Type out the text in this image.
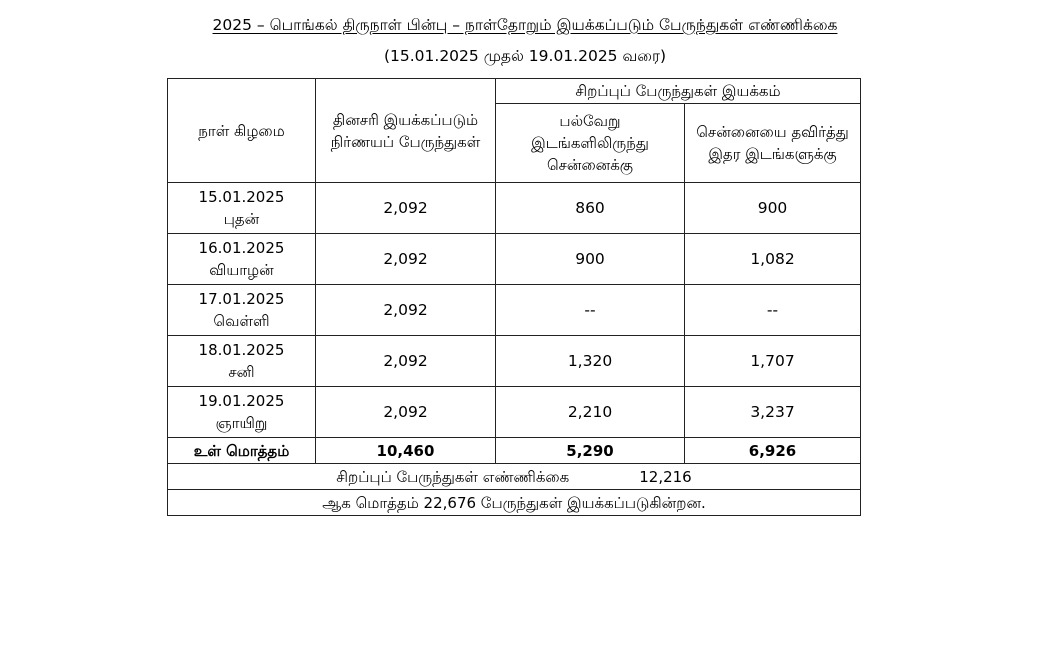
2025 – பொங்கல் திருநாள் பின்பு – நாள்தோறும் இயக்கப்படும் பேருந்துகள் எண்ணிக்கை
(15.01.2025 முதல் 19.01.2025 வரை)
நாள் கிழமை	தினசரி இயக்கப்படும் நிர்ணயப் பேருந்துகள்	சிறப்புப் பேருந்துகள் இயக்கம்	
		பல்வேறு இடங்களிலிருந்து சென்னைக்கு	சென்னையை தவிர்த்து இதர இடங்களுக்கு

15.01.2025
புதன்	2,092	860	900

16.01.2025
வியாழன்	2,092	900	1,082

17.01.2025
வெள்ளி	2,092	--	--

18.01.2025
சனி	2,092	1,320	1,707

19.01.2025
ஞாயிறு	2,092	2,210	3,237
உள் மொத்தம்	10,460	5,290	6,926

சிறப்புப் பேருந்துகள் எண்ணிக்கை 12,216			

ஆக மொத்தம் 22,676 பேருந்துகள் இயக்கப்படுகின்றன.			
